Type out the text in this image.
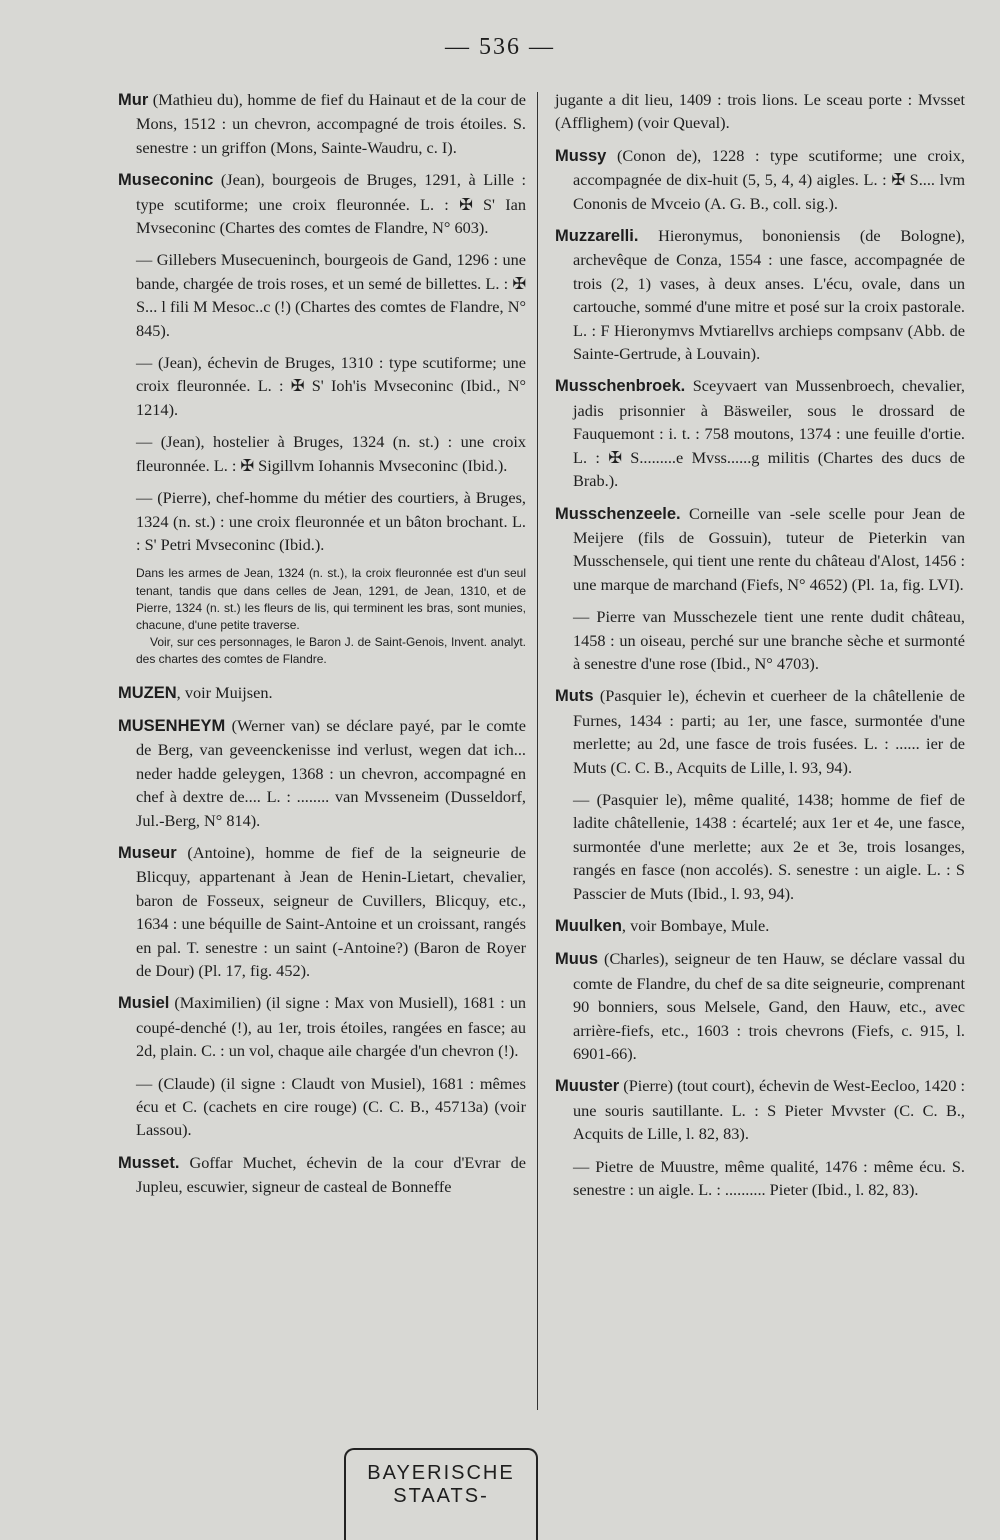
— 536 —

Mur (Mathieu du), homme de fief du Hainaut et de la cour de Mons, 1512 : un chevron, accompagné de trois étoiles. S. senestre : un griffon (Mons, Sainte-Waudru, c. I).

Museconinc (Jean), bourgeois de Bruges, 1291, à Lille : type scutiforme; une croix fleuronnée. L. : ✠ S' Ian Mvseconinc (Chartes des comtes de Flandre, N° 603).

— Gillebers Musecueninch, bourgeois de Gand, 1296 : une bande, chargée de trois roses, et un semé de billettes. L. : ✠ S... l fili M Mesoc..c (!) (Chartes des comtes de Flandre, N° 845).

— (Jean), échevin de Bruges, 1310 : type scutiforme; une croix fleuronnée. L. : ✠ S' Ioh'is Mvseconinc (Ibid., N° 1214).

— (Jean), hostelier à Bruges, 1324 (n. st.) : une croix fleuronnée. L. : ✠ Sigillvm Iohannis Mvseconinc (Ibid.).

— (Pierre), chef-homme du métier des courtiers, à Bruges, 1324 (n. st.) : une croix fleuronnée et un bâton brochant. L. : S' Petri Mvseconinc (Ibid.).

Dans les armes de Jean, 1324 (n. st.), la croix fleuronnée est d'un seul tenant, tandis que dans celles de Jean, 1291, de Jean, 1310, et de Pierre, 1324 (n. st.) les fleurs de lis, qui terminent les bras, sont munies, chacune, d'une petite traverse.

Voir, sur ces personnages, le Baron J. de Saint-Genois, Invent. analyt. des chartes des comtes de Flandre.

MUZEN, voir Muijsen.

MUSENHEYM (Werner van) se déclare payé, par le comte de Berg, van geveenckenisse ind verlust, wegen dat ich... neder hadde geleygen, 1368 : un chevron, accompagné en chef à dextre de.... L. : ........ van Mvsseneim (Dusseldorf, Jul.-Berg, N° 814).

Museur (Antoine), homme de fief de la seigneurie de Blicquy, appartenant à Jean de Henin-Lietart, chevalier, baron de Fosseux, seigneur de Cuvillers, Blicquy, etc., 1634 : une béquille de Saint-Antoine et un croissant, rangés en pal. T. senestre : un saint (-Antoine?) (Baron de Royer de Dour) (Pl. 17, fig. 452).

Musiel (Maximilien) (il signe : Max von Musiell), 1681 : un coupé-denché (!), au 1er, trois étoiles, rangées en fasce; au 2d, plain. C. : un vol, chaque aile chargée d'un chevron (!).

— (Claude) (il signe : Claudt von Musiel), 1681 : mêmes écu et C. (cachets en cire rouge) (C. C. B., 45713a) (voir Lassou).

Musset. Goffar Muchet, échevin de la cour d'Evrar de Jupleu, escuwier, signeur de casteal de Bonneffe

jugante a dit lieu, 1409 : trois lions. Le sceau porte : Mvsset (Afflighem) (voir Queval).

Mussy (Conon de), 1228 : type scutiforme; une croix, accompagnée de dix-huit (5, 5, 4, 4) aigles. L. : ✠ S.... lvm Cononis de Mvceio (A. G. B., coll. sig.).

Muzzarelli. Hieronymus, bononiensis (de Bologne), archevêque de Conza, 1554 : une fasce, accompagnée de trois (2, 1) vases, à deux anses. L'écu, ovale, dans un cartouche, sommé d'une mitre et posé sur la croix pastorale. L. : F Hieronymvs Mvtiarellvs archieps compsanv (Abb. de Sainte-Gertrude, à Louvain).

Musschenbroek. Sceyvaert van Mussenbroech, chevalier, jadis prisonnier à Bäsweiler, sous le drossard de Fauquemont : i. t. : 758 moutons, 1374 : une feuille d'ortie. L. : ✠ S.........e Mvss......g militis (Chartes des ducs de Brab.).

Musschenzeele. Corneille van -sele scelle pour Jean de Meijere (fils de Gossuin), tuteur de Pieterkin van Musschensele, qui tient une rente du château d'Alost, 1456 : une marque de marchand (Fiefs, N° 4652) (Pl. 1a, fig. LVI).

— Pierre van Musschezele tient une rente dudit château, 1458 : un oiseau, perché sur une branche sèche et surmonté à senestre d'une rose (Ibid., N° 4703).

Muts (Pasquier le), échevin et cuerheer de la châtellenie de Furnes, 1434 : parti; au 1er, une fasce, surmontée d'une merlette; au 2d, une fasce de trois fusées. L. : ...... ier de Muts (C. C. B., Acquits de Lille, l. 93, 94).

— (Pasquier le), même qualité, 1438; homme de fief de ladite châtellenie, 1438 : écartelé; aux 1er et 4e, une fasce, surmontée d'une merlette; aux 2e et 3e, trois losanges, rangés en fasce (non accolés). S. senestre : un aigle. L. : S Passcier de Muts (Ibid., l. 93, 94).

Muulken, voir Bombaye, Mule.

Muus (Charles), seigneur de ten Hauw, se déclare vassal du comte de Flandre, du chef de sa dite seigneurie, comprenant 90 bonniers, sous Melsele, Gand, den Hauw, etc., avec arrière-fiefs, etc., 1603 : trois chevrons (Fiefs, c. 915, l. 6901-66).

Muuster (Pierre) (tout court), échevin de West-Eecloo, 1420 : une souris sautillante. L. : S Pieter Mvvster (C. C. B., Acquits de Lille, l. 82, 83).

— Pietre de Muustre, même qualité, 1476 : même écu. S. senestre : un aigle. L. : .......... Pieter (Ibid., l. 82, 83).

BAYERISCHE
STAATS-
